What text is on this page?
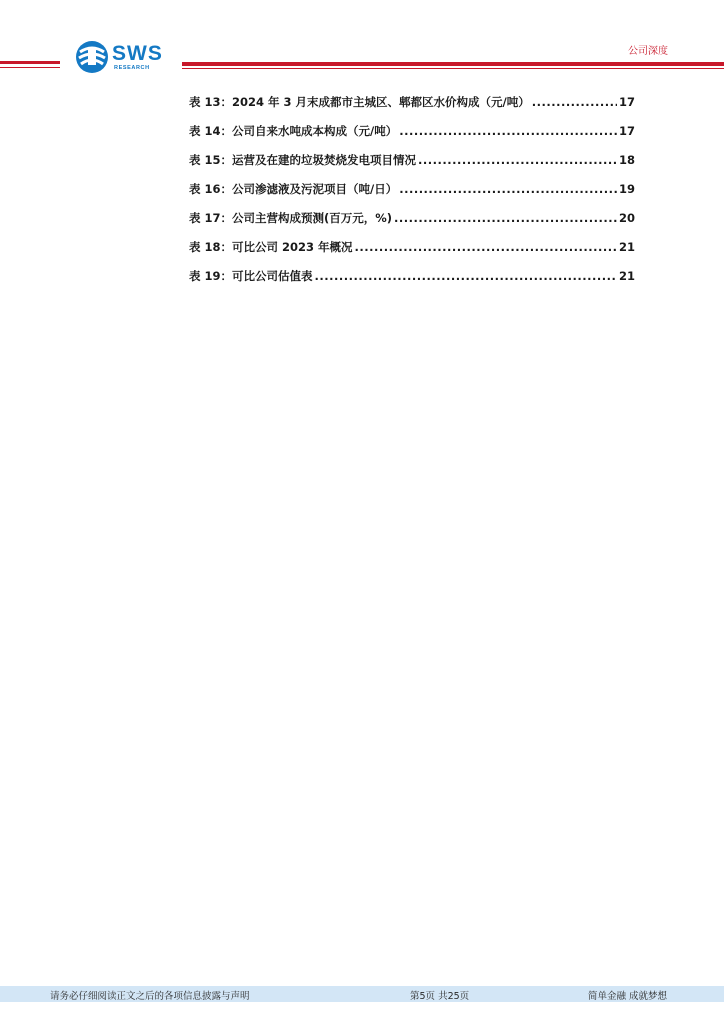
SWS
RESEARCH
公司深度
表 13：2024 年 3 月末成都市主城区、郫都区水价构成（元/吨） .....	17
表 14：公司自来水吨成本构成（元/吨） .....	17
表 15：运营及在建的垃圾焚烧发电项目情况 .....	18
表 16：公司渗滤液及污泥项目（吨/日） .....	19
表 17：公司主营构成预测(百万元，%) .....	20
表 18：可比公司 2023 年概况 .....	21
表 19：可比公司估值表 .....	21
请务必仔细阅读正文之后的各项信息披露与声明	第5页 共25页	简单金融 成就梦想
